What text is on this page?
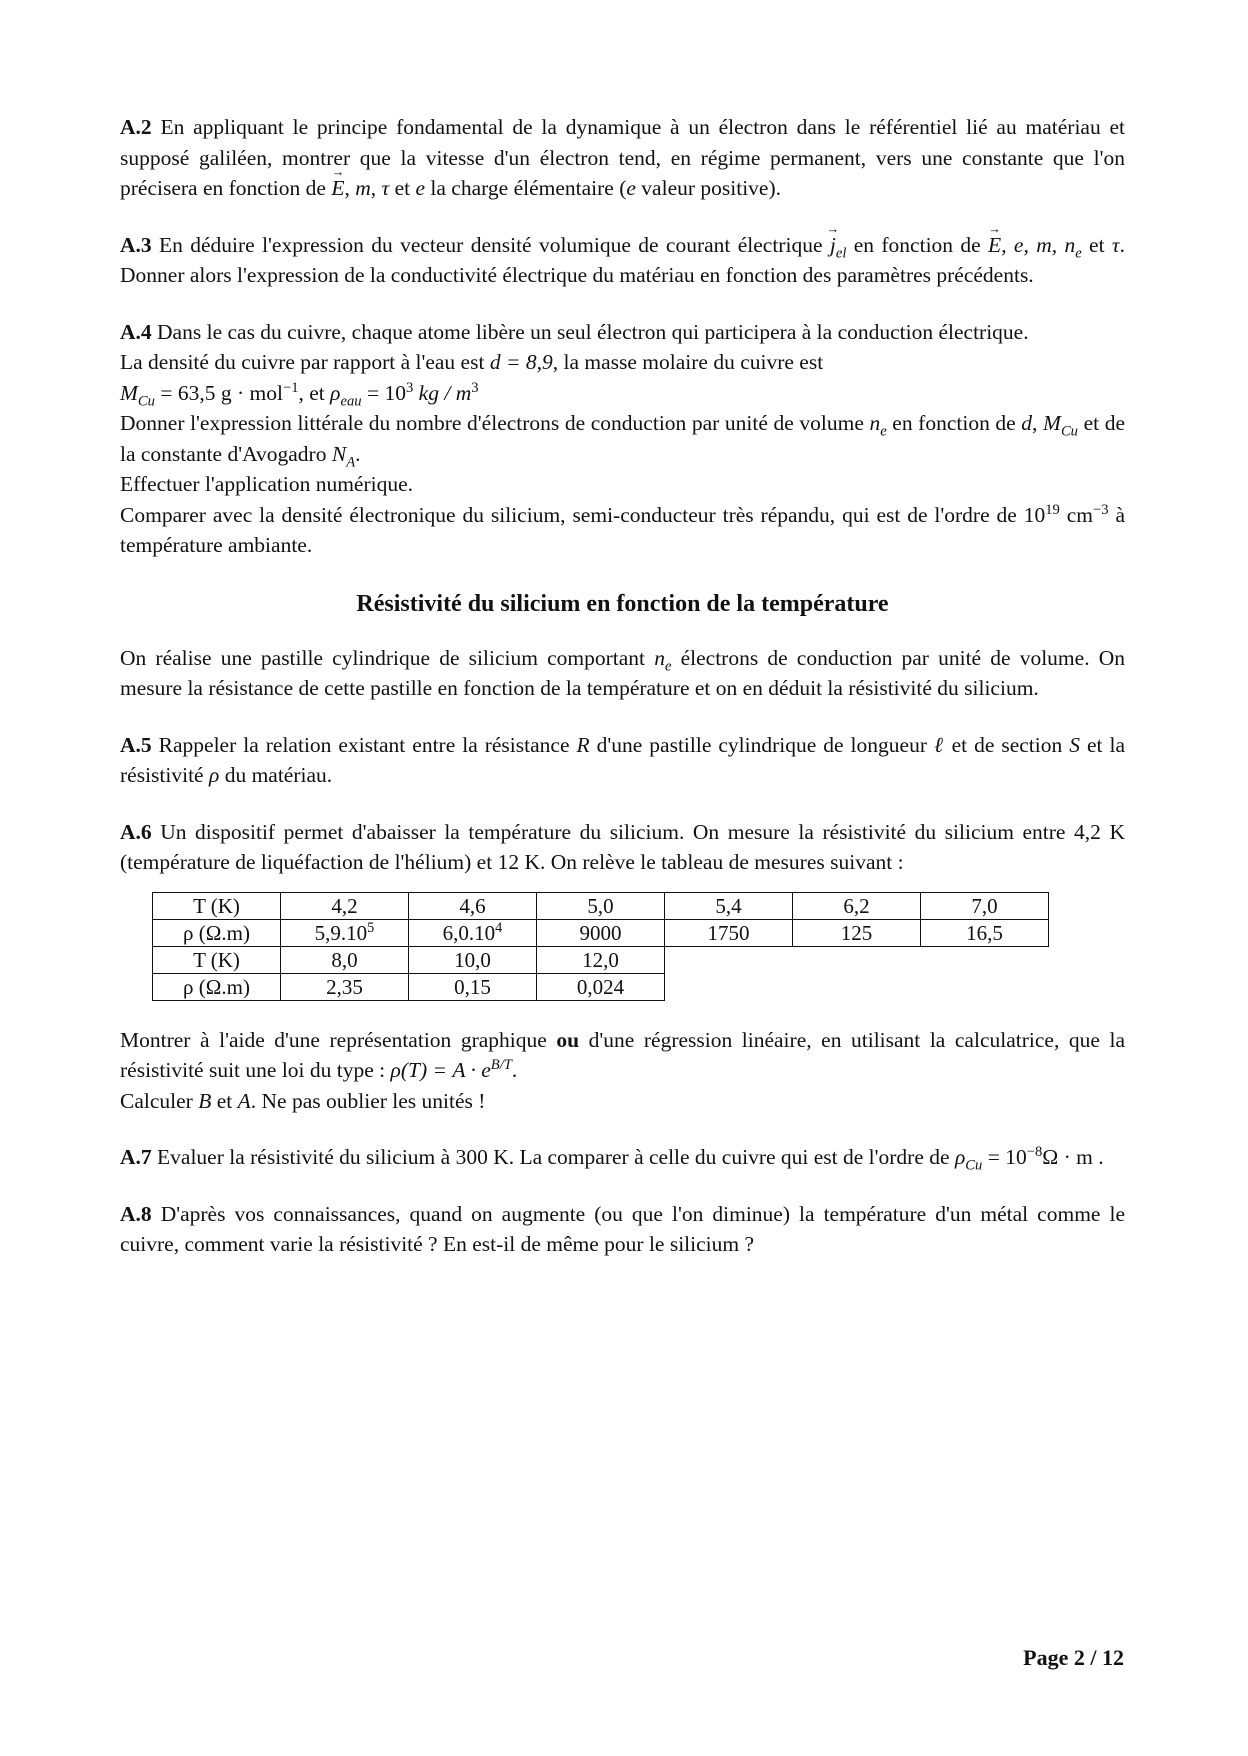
A.2 En appliquant le principe fondamental de la dynamique à un électron dans le référentiel lié au matériau et supposé galiléen, montrer que la vitesse d'un électron tend, en régime permanent, vers une constante que l'on précisera en fonction de → E, m, τ et e la charge élémentaire (e valeur positive).

A.3 En déduire l'expression du vecteur densité volumique de courant électrique → $j_{el}$ en fonction de → E, e, m, $n_e$ et τ. Donner alors l'expression de la conductivité électrique du matériau en fonction des paramètres précédents.

A.4 Dans le cas du cuivre, chaque atome libère un seul électron qui participera à la conduction électrique.

La densité du cuivre par rapport à l'eau est d = 8,9, la masse molaire du cuivre est

$M_{Cu} = 63,5$ g · mol$^{-1}$, et $\rho_{eau} = 10^3$ kg / $m^3$

Donner l'expression littérale du nombre d'électrons de conduction par unité de volume $n_e$ en fonction de d, $M_{Cu}$ et de la constante d'Avogadro $N_A$.

Effectuer l'application numérique.

Comparer avec la densité électronique du silicium, semi-conducteur très répandu, qui est de l'ordre de $10^{19}$ $cm^{-3}$ à température ambiante.

Résistivité du silicium en fonction de la température

On réalise une pastille cylindrique de silicium comportant $n_e$ électrons de conduction par unité de volume. On mesure la résistance de cette pastille en fonction de la température et on en déduit la résistivité du silicium.

A.5 Rappeler la relation existant entre la résistance R d'une pastille cylindrique de longueur ℓ et de section S et la résistivité ρ du matériau.

A.6 Un dispositif permet d'abaisser la température du silicium. On mesure la résistivité du silicium entre 4,2 K (température de liquéfaction de l'hélium) et 12 K. On relève le tableau de mesures suivant :

T (K)	4,2	4,6	5,0	5,4	6,2	7,0
ρ (Ω.m)	5,9.10$^5$	6,0.10$^4$	9000	1750	125	16,5
T (K)	8,0	10,0	12,0			
ρ (Ω.m)	2,35	0,15	0,024			

Montrer à l'aide d'une représentation graphique ou d'une régression linéaire, en utilisant la calculatrice, que la résistivité suit une loi du type : $\rho(T) = A \cdot e^{B/T}$.

Calculer B et A. Ne pas oublier les unités !

A.7 Evaluer la résistivité du silicium à 300 K. La comparer à celle du cuivre qui est de l'ordre de $\rho_{Cu} = 10^{-8}\Omega \cdot m$ .

A.8 D'après vos connaissances, quand on augmente (ou que l'on diminue) la température d'un métal comme le cuivre, comment varie la résistivité ? En est-il de même pour le silicium ?

Page 2 / 12
